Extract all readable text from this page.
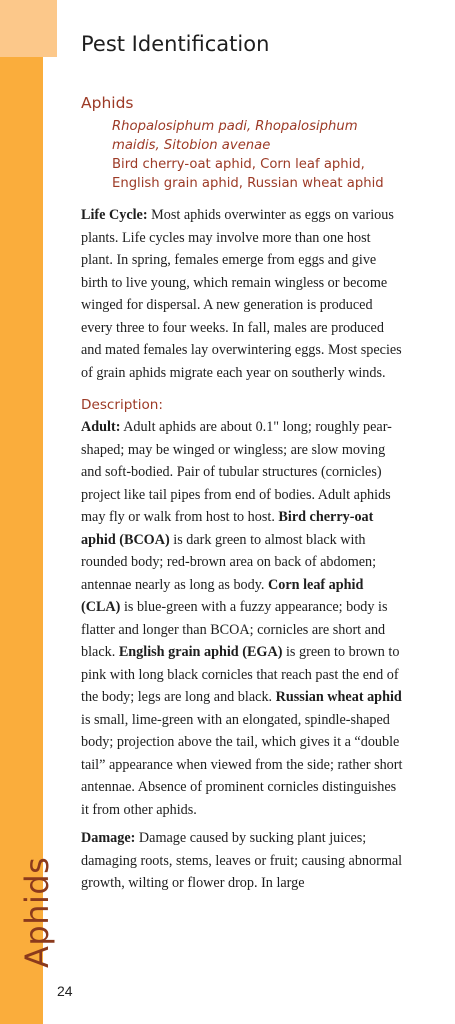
Aphids
24
Pest Identification
Aphids
Rhopalosiphum padi, Rhopalosiphum maidis, Sitobion avenae
Bird cherry-oat aphid, Corn leaf aphid, English grain aphid, Russian wheat aphid

Life Cycle: Most aphids overwinter as eggs on various plants. Life cycles may involve more than one host plant. In spring, females emerge from eggs and give birth to live young, which remain wingless or become winged for dispersal. A new generation is produced every three to four weeks. In fall, males are produced and mated females lay overwintering eggs. Most species of grain aphids migrate each year on southerly winds.

Description:

Adult: Adult aphids are about 0.1" long; roughly pear-shaped; may be winged or wingless; are slow moving and soft-bodied. Pair of tubular structures (cornicles) project like tail pipes from end of bodies. Adult aphids may fly or walk from host to host. Bird cherry-oat aphid (BCOA) is dark green to almost black with rounded body; red-brown area on back of abdomen; antennae nearly as long as body. Corn leaf aphid (CLA) is blue-green with a fuzzy appearance; body is flatter and longer than BCOA; cornicles are short and black. English grain aphid (EGA) is green to brown to pink with long black cornicles that reach past the end of the body; legs are long and black. Russian wheat aphid is small, lime-green with an elongated, spindle-shaped body; projection above the tail, which gives it a “double tail” appearance when viewed from the side; rather short antennae. Absence of prominent cornicles distinguishes it from other aphids.

Damage: Damage caused by sucking plant juices; damaging roots, stems, leaves or fruit; causing abnormal growth, wilting or flower drop. In large
